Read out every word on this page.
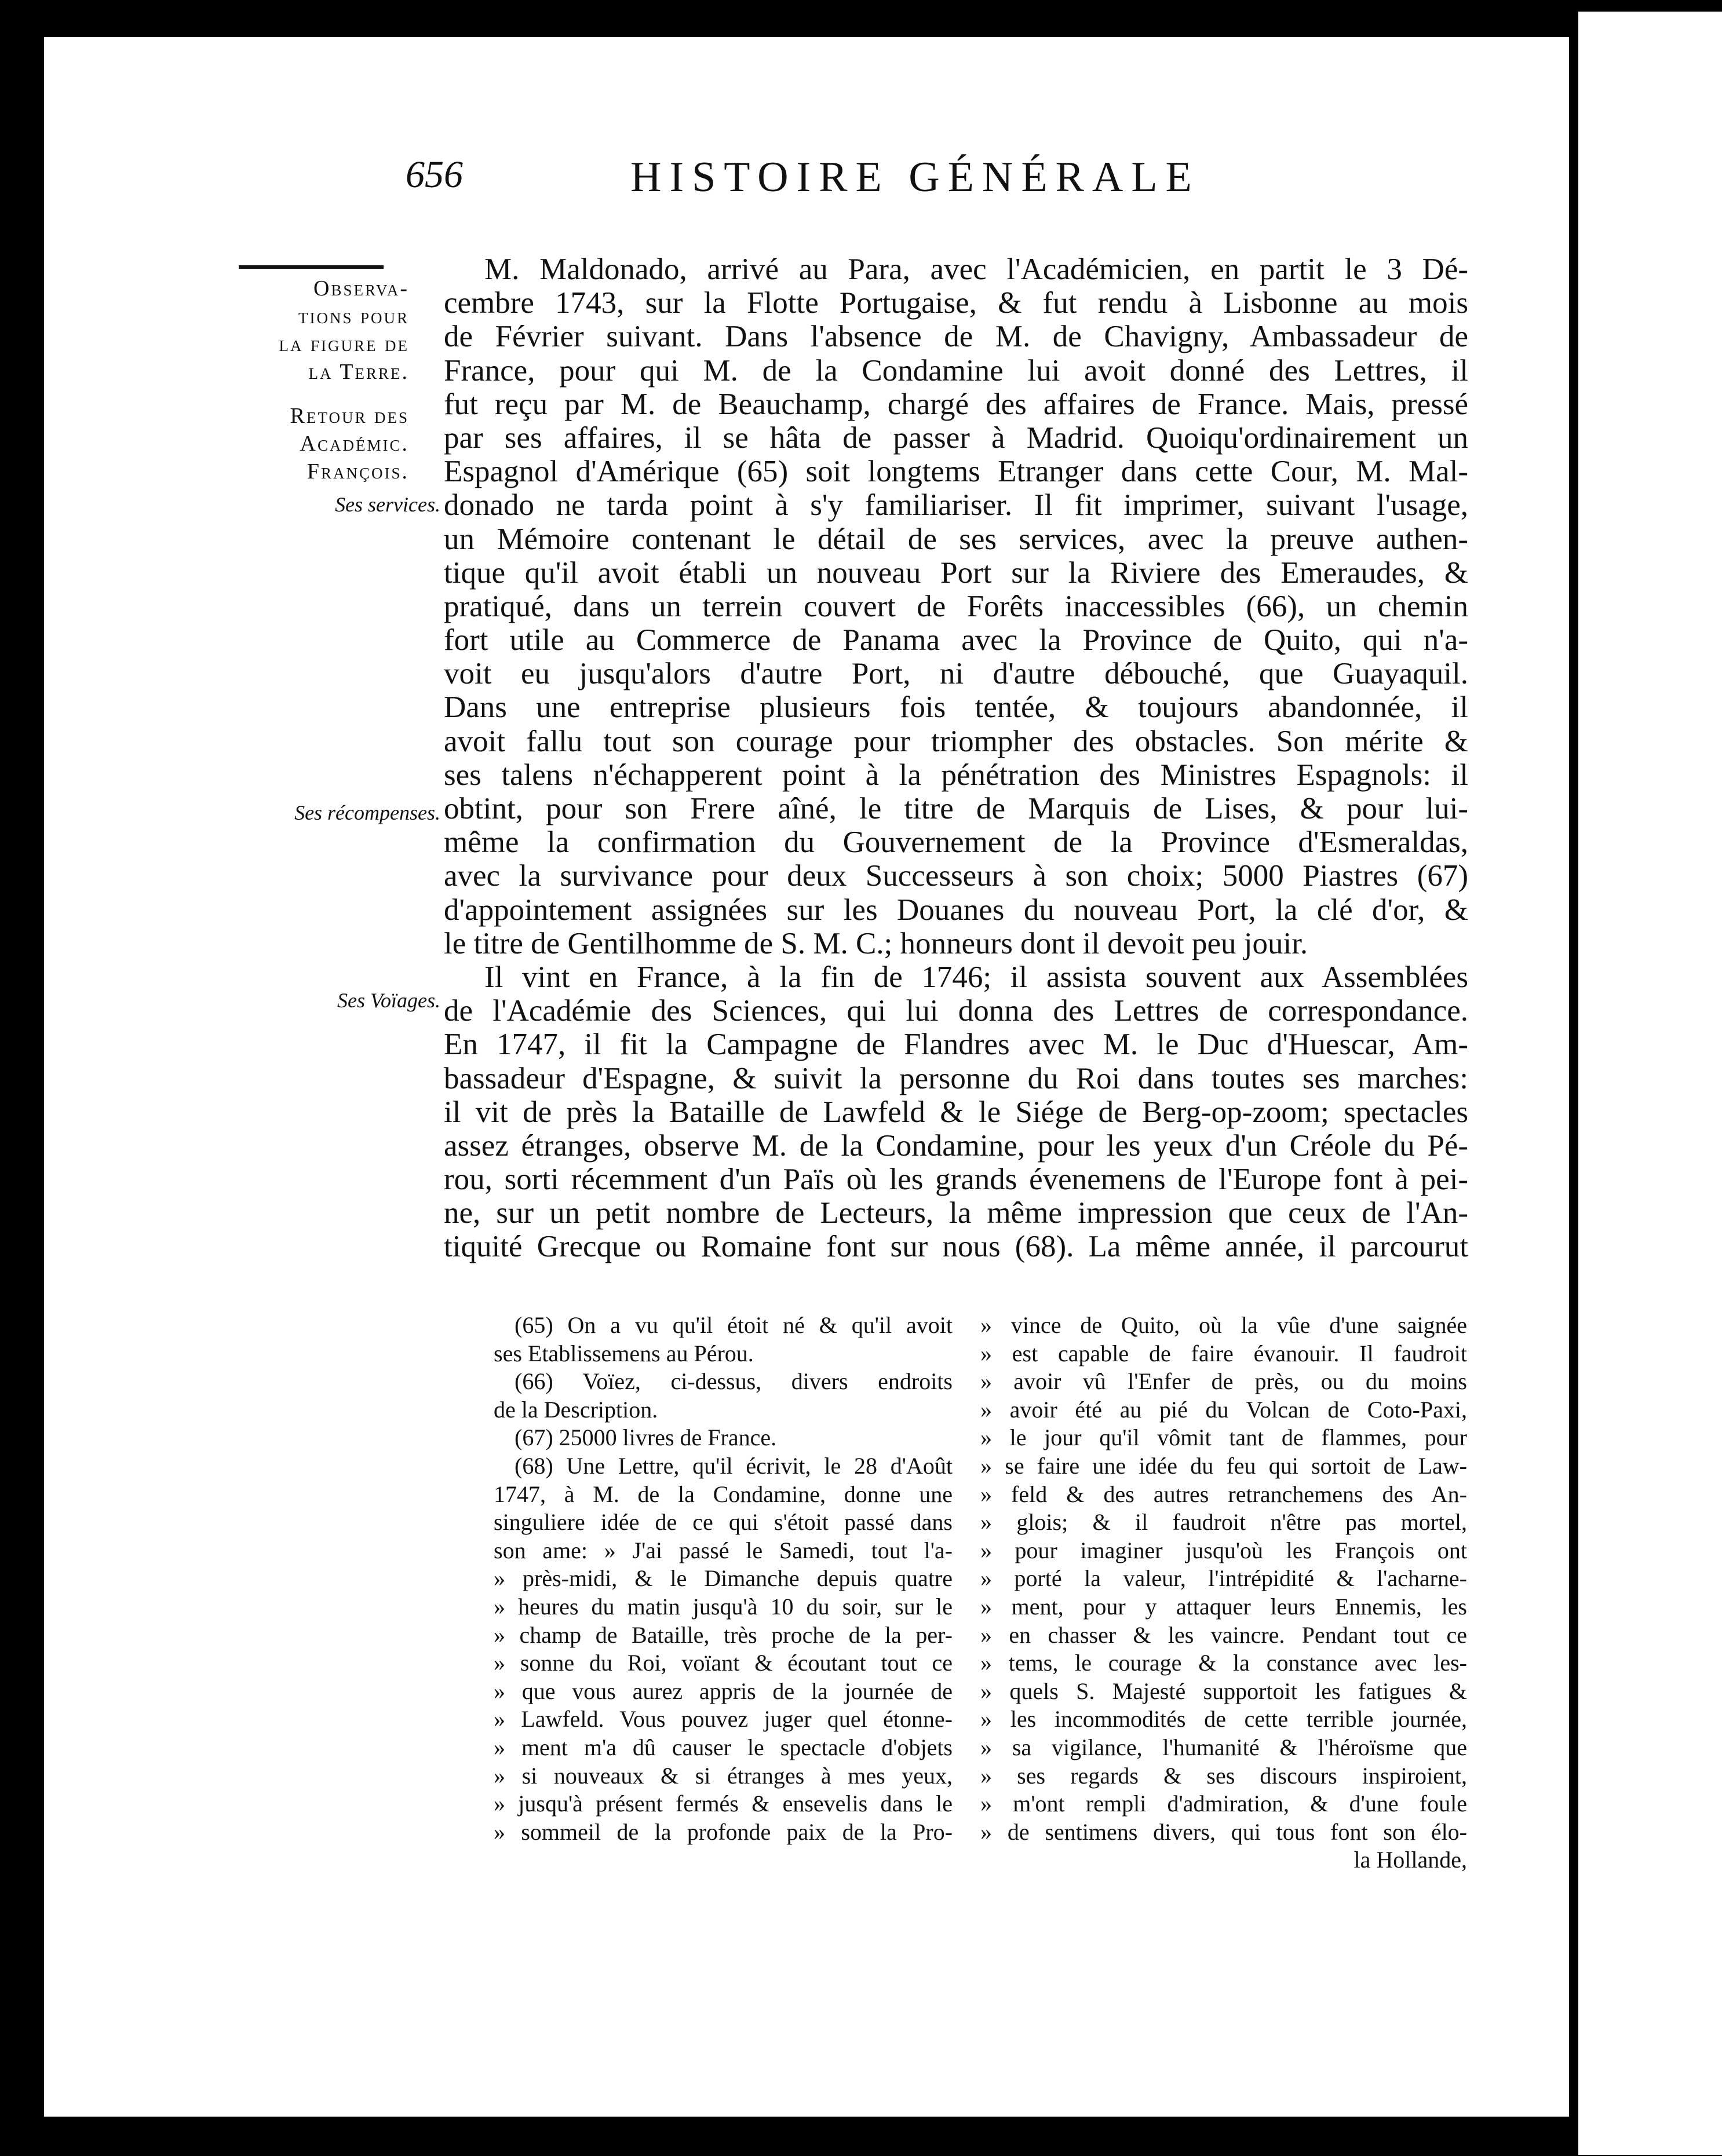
656	HISTOIRE GÉNÉRALE
Observa-
tions pour
la figure de
la Terre.
Retour des
Académic.
François.
Ses services.
Ses récompenses.
Ses Voïages.
M. Maldonado, arrivé au Para, avec l'Académicien, en partit le 3 Dé-
cembre 1743, sur la Flotte Portugaise, & fut rendu à Lisbonne au mois
de Février suivant. Dans l'absence de M. de Chavigny, Ambassadeur de
France, pour qui M. de la Condamine lui avoit donné des Lettres, il
fut reçu par M. de Beauchamp, chargé des affaires de France. Mais, pressé
par ses affaires, il se hâta de passer à Madrid. Quoiqu'ordinairement un
Espagnol d'Amérique (65) soit longtems Etranger dans cette Cour, M. Mal-
donado ne tarda point à s'y familiariser. Il fit imprimer, suivant l'usage,
un Mémoire contenant le détail de ses services, avec la preuve authen-
tique qu'il avoit établi un nouveau Port sur la Riviere des Emeraudes, &
pratiqué, dans un terrein couvert de Forêts inaccessibles (66), un chemin
fort utile au Commerce de Panama avec la Province de Quito, qui n'a-
voit eu jusqu'alors d'autre Port, ni d'autre débouché, que Guayaquil.
Dans une entreprise plusieurs fois tentée, & toujours abandonnée, il
avoit fallu tout son courage pour triompher des obstacles. Son mérite &
ses talens n'échapperent point à la pénétration des Ministres Espagnols: il
obtint, pour son Frere aîné, le titre de Marquis de Lises, & pour lui-
même la confirmation du Gouvernement de la Province d'Esmeraldas,
avec la survivance pour deux Successeurs à son choix; 5000 Piastres (67)
d'appointement assignées sur les Douanes du nouveau Port, la clé d'or, &
le titre de Gentilhomme de S. M. C.; honneurs dont il devoit peu jouir.
Il vint en France, à la fin de 1746; il assista souvent aux Assemblées
de l'Académie des Sciences, qui lui donna des Lettres de correspondance.
En 1747, il fit la Campagne de Flandres avec M. le Duc d'Huescar, Am-
bassadeur d'Espagne, & suivit la personne du Roi dans toutes ses marches:
il vit de près la Bataille de Lawfeld & le Siége de Berg-op-zoom; spectacles
assez étranges, observe M. de la Condamine, pour les yeux d'un Créole du Pé-
rou, sorti récemment d'un Païs où les grands évenemens de l'Europe font à pei-
ne, sur un petit nombre de Lecteurs, la même impression que ceux de l'An-
tiquité Grecque ou Romaine font sur nous (68). La même année, il parcourut
(65) On a vu qu'il étoit né & qu'il avoit
ses Etablissemens au Pérou.
(66) Voïez, ci-dessus, divers endroits
de la Description.
(67) 25000 livres de France.
(68) Une Lettre, qu'il écrivit, le 28 d'Août
1747, à M. de la Condamine, donne une
singuliere idée de ce qui s'étoit passé dans
son ame: » J'ai passé le Samedi, tout l'a-
» près-midi, & le Dimanche depuis quatre
» heures du matin jusqu'à 10 du soir, sur le
» champ de Bataille, très proche de la per-
» sonne du Roi, voïant & écoutant tout ce
» que vous aurez appris de la journée de
» Lawfeld. Vous pouvez juger quel étonne-
» ment m'a dû causer le spectacle d'objets
» si nouveaux & si étranges à mes yeux,
» jusqu'à présent fermés & ensevelis dans le
» sommeil de la profonde paix de la Pro-
» vince de Quito, où la vûe d'une saignée
» est capable de faire évanouir. Il faudroit
» avoir vû l'Enfer de près, ou du moins
» avoir été au pié du Volcan de Coto-Paxi,
» le jour qu'il vômit tant de flammes, pour
» se faire une idée du feu qui sortoit de Law-
» feld & des autres retranchemens des An-
» glois; & il faudroit n'être pas mortel,
» pour imaginer jusqu'où les François ont
» porté la valeur, l'intrépidité & l'acharne-
» ment, pour y attaquer leurs Ennemis, les
» en chasser & les vaincre. Pendant tout ce
» tems, le courage & la constance avec les-
» quels S. Majesté supportoit les fatigues &
» les incommodités de cette terrible journée,
» sa vigilance, l'humanité & l'héroïsme que
» ses regards & ses discours inspiroient,
» m'ont rempli d'admiration, & d'une foule
» de sentimens divers, qui tous font son élo-
la Hollande,
